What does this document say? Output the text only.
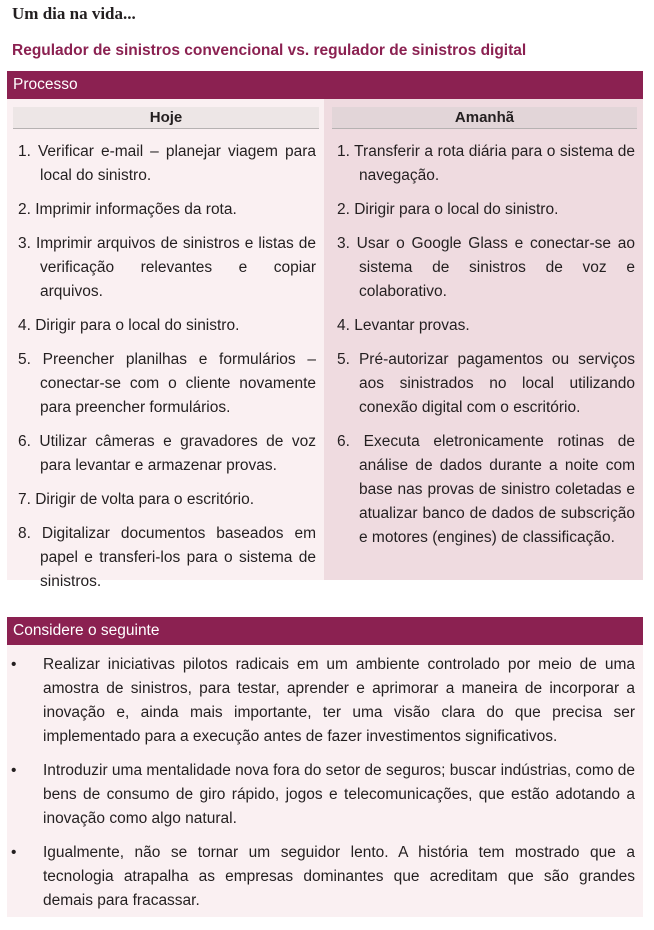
Um dia na vida...
Regulador de sinistros convencional vs. regulador de sinistros digital
Processo
Hoje
1. Verificar e-mail – planejar viagem para local do sinistro.
2. Imprimir informações da rota.
3. Imprimir arquivos de sinistros e listas de verificação relevantes e copiar arquivos.
4. Dirigir para o local do sinistro.
5. Preencher planilhas e formulários – conectar-se com o cliente novamente para preencher formulários.
6. Utilizar câmeras e gravadores de voz para levantar e armazenar provas.
7. Dirigir de volta para o escritório.
8. Digitalizar documentos baseados em papel e transferi-los para o sistema de sinistros.
Amanhã
1. Transferir a rota diária para o sistema de navegação.
2. Dirigir para o local do sinistro.
3. Usar o Google Glass e conectar-se ao sistema de sinistros de voz e colaborativo.
4. Levantar provas.
5. Pré-autorizar pagamentos ou serviços aos sinistrados no local utilizando conexão digital com o escritório.
6. Executa eletronicamente rotinas de análise de dados durante a noite com base nas provas de sinistro coletadas e atualizar banco de dados de subscrição e motores (engines) de classificação.
Considere o seguinte
• Realizar iniciativas pilotos radicais em um ambiente controlado por meio de uma amostra de sinistros, para testar, aprender e aprimorar a maneira de incorporar a inovação e, ainda mais importante, ter uma visão clara do que precisa ser implementado para a execução antes de fazer investimentos significativos.
• Introduzir uma mentalidade nova fora do setor de seguros; buscar indústrias, como de bens de consumo de giro rápido, jogos e telecomunicações, que estão adotando a inovação como algo natural.
• Igualmente, não se tornar um seguidor lento. A história tem mostrado que a tecnologia atrapalha as empresas dominantes que acreditam que são grandes demais para fracassar.
